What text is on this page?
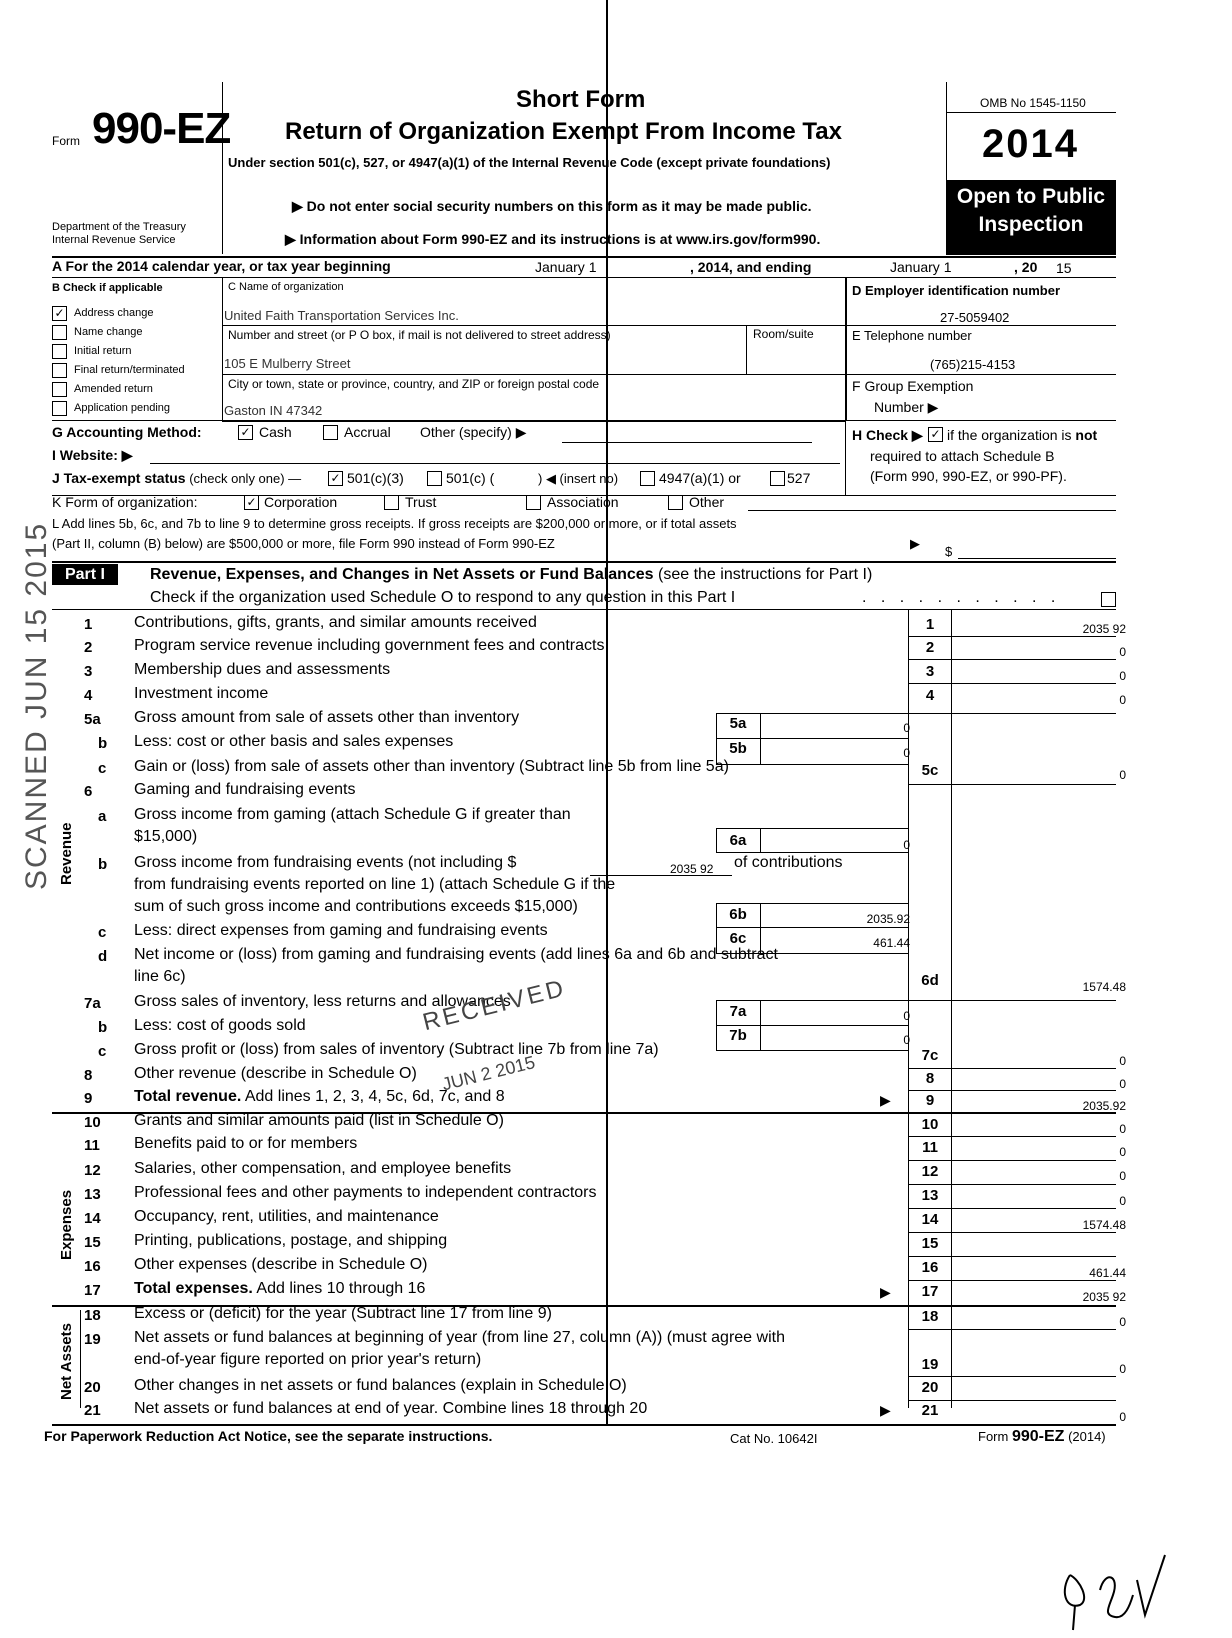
Form 990-EZ
Department of the Treasury
Internal Revenue Service
Short Form
Return of Organization Exempt From Income Tax
Under section 501(c), 527, or 4947(a)(1) of the Internal Revenue Code (except private foundations)
▶ Do not enter social security numbers on this form as it may be made public.
▶ Information about Form 990-EZ and its instructions is at www.irs.gov/form990.
OMB No 1545-1150
2014
Open to Public
Inspection
A For the 2014 calendar year, or tax year beginning	January 1	, 2014, and ending	January 1	, 20 15
B Check if applicable
✓ Address change
Name change
Initial return
Final return/terminated
Amended return
Application pending
C Name of organization
United Faith Transportation Services Inc.
Number and street (or P O box, if mail is not delivered to street address)	Room/suite
105 E Mulberry Street
City or town, state or province, country, and ZIP or foreign postal code
Gaston IN 47342
D Employer identification number
27-5059402
E Telephone number
(765)215-4153
F Group Exemption
Number ▶
G Accounting Method:	✓ Cash	Accrual Other (specify) ▶	H Check ▶ ✓ if the organization is not
required to attach Schedule B
(Form 990, 990-EZ, or 990-PF).
I Website: ▶
J Tax-exempt status (check only one) — ✓ 501(c)(3)	501(c) (	) ◀ (insert no)	4947(a)(1) or	527
K Form of organization:	✓ Corporation	Trust	Association	Other
L Add lines 5b, 6c, and 7b to line 9 to determine gross receipts. If gross receipts are $200,000 or more, or if total assets
(Part II, column (B) below) are $500,000 or more, file Form 990 instead of Form 990-EZ	▶
$
Part I	Revenue, Expenses, and Changes in Net Assets or Fund Balances (see the instructions for Part I)
Check if the organization used Schedule O to respond to any question in this Part I	. . . . . . . . . . .
Revenue
Expenses
Net Assets
1	Contributions, gifts, grants, and similar amounts received	1	2035 92
2	Program service revenue including government fees and contracts	2	0
3	Membership dues and assessments	3	0
4	Investment income	4	0
5a	Gross amount from sale of assets other than inventory	5a	0
b	Less: cost or other basis and sales expenses	5b	0
c	Gain or (loss) from sale of assets other than inventory (Subtract line 5b from line 5a)	5c	0
6	Gaming and fundraising events
a	Gross income from gaming (attach Schedule G if greater than
$15,000)	6a	0
b	Gross income from fundraising events (not including $	2035 92 of contributions
from fundraising events reported on line 1) (attach Schedule G if the
sum of such gross income and contributions exceeds $15,000)	6b	2035.92
c	Less: direct expenses from gaming and fundraising events	6c	461.44
d	Net income or (loss) from gaming and fundraising events (add lines 6a and 6b and subtract
line 6c)	6d	1574.48
7a	Gross sales of inventory, less returns and allowances
7a	0
b	Less: cost of goods sold
7b	0
c	Gross profit or (loss) from sales of inventory (Subtract line 7b from line 7a)	7c	0
8	Other revenue (describe in Schedule O)	8	0
9	Total revenue. Add lines 1, 2, 3, 4, 5c, 6d, 7c, and 8	▶	9	2035.92
10	Grants and similar amounts paid (list in Schedule O)	10	0
11	Benefits paid to or for members	11	0
12	Salaries, other compensation, and employee benefits	12	0
13	Professional fees and other payments to independent contractors	13	0
14	Occupancy, rent, utilities, and maintenance	14	1574.48
15	Printing, publications, postage, and shipping	15
16	Other expenses (describe in Schedule O)	16	461.44
17	Total expenses. Add lines 10 through 16	▶	17	2035 92
18	Excess or (deficit) for the year (Subtract line 17 from line 9)	18	0
19	Net assets or fund balances at beginning of year (from line 27, column (A)) (must agree with
end-of-year figure reported on prior year's return)	19	0
20	Other changes in net assets or fund balances (explain in Schedule O)	20
21	Net assets or fund balances at end of year. Combine lines 18 through 20	▶	21	0
For Paperwork Reduction Act Notice, see the separate instructions.	Cat No. 10642I	Form 990-EZ (2014)
SCANNED JUN 15 2015
RECEIVED
JUN 2 2015
